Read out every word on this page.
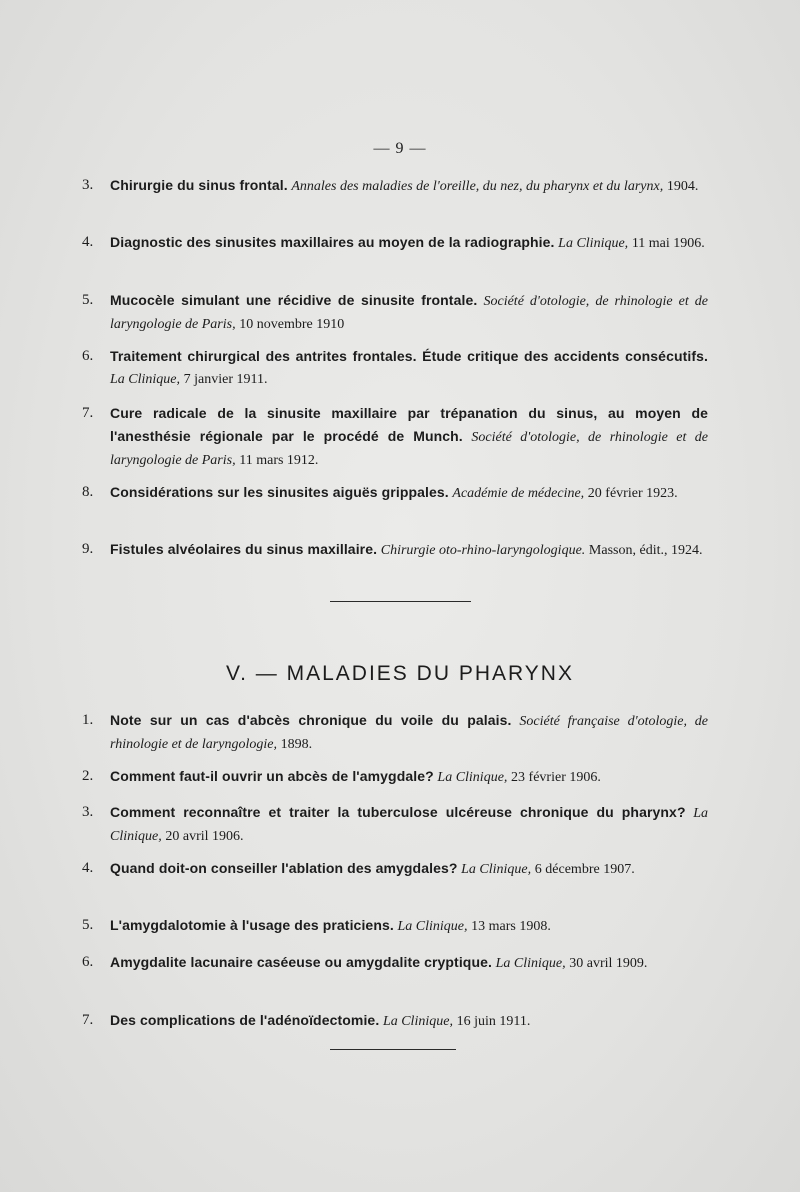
— 9 —
3.	Chirurgie du sinus frontal. Annales des maladies de l'oreille, du nez, du pharynx et du larynx, 1904.
4.	Diagnostic des sinusites maxillaires au moyen de la radiographie. La Clinique, 11 mai 1906.
5.	Mucocèle simulant une récidive de sinusite frontale. Société d'otologie, de rhinologie et de laryngologie de Paris, 10 novembre 1910
6.	Traitement chirurgical des antrites frontales. Étude critique des accidents consécutifs. La Clinique, 7 janvier 1911.
7.	Cure radicale de la sinusite maxillaire par trépanation du sinus, au moyen de l'anesthésie régionale par le procédé de Munch. Société d'otologie, de rhinologie et de laryngologie de Paris, 11 mars 1912.
8.	Considérations sur les sinusites aiguës grippales. Académie de médecine, 20 février 1923.
9.	Fistules alvéolaires du sinus maxillaire. Chirurgie oto-rhino-laryngologique. Masson, édit., 1924.
V. — MALADIES DU PHARYNX
1.	Note sur un cas d'abcès chronique du voile du palais. Société française d'otologie, de rhinologie et de laryngologie, 1898.
2.	Comment faut-il ouvrir un abcès de l'amygdale? La Clinique, 23 février 1906.
3.	Comment reconnaître et traiter la tuberculose ulcéreuse chronique du pharynx? La Clinique, 20 avril 1906.
4.	Quand doit-on conseiller l'ablation des amygdales? La Clinique, 6 décembre 1907.
5.	L'amygdalotomie à l'usage des praticiens. La Clinique, 13 mars 1908.
6.	Amygdalite lacunaire caséeuse ou amygdalite cryptique. La Clinique, 30 avril 1909.
7.	Des complications de l'adénoïdectomie. La Clinique, 16 juin 1911.
